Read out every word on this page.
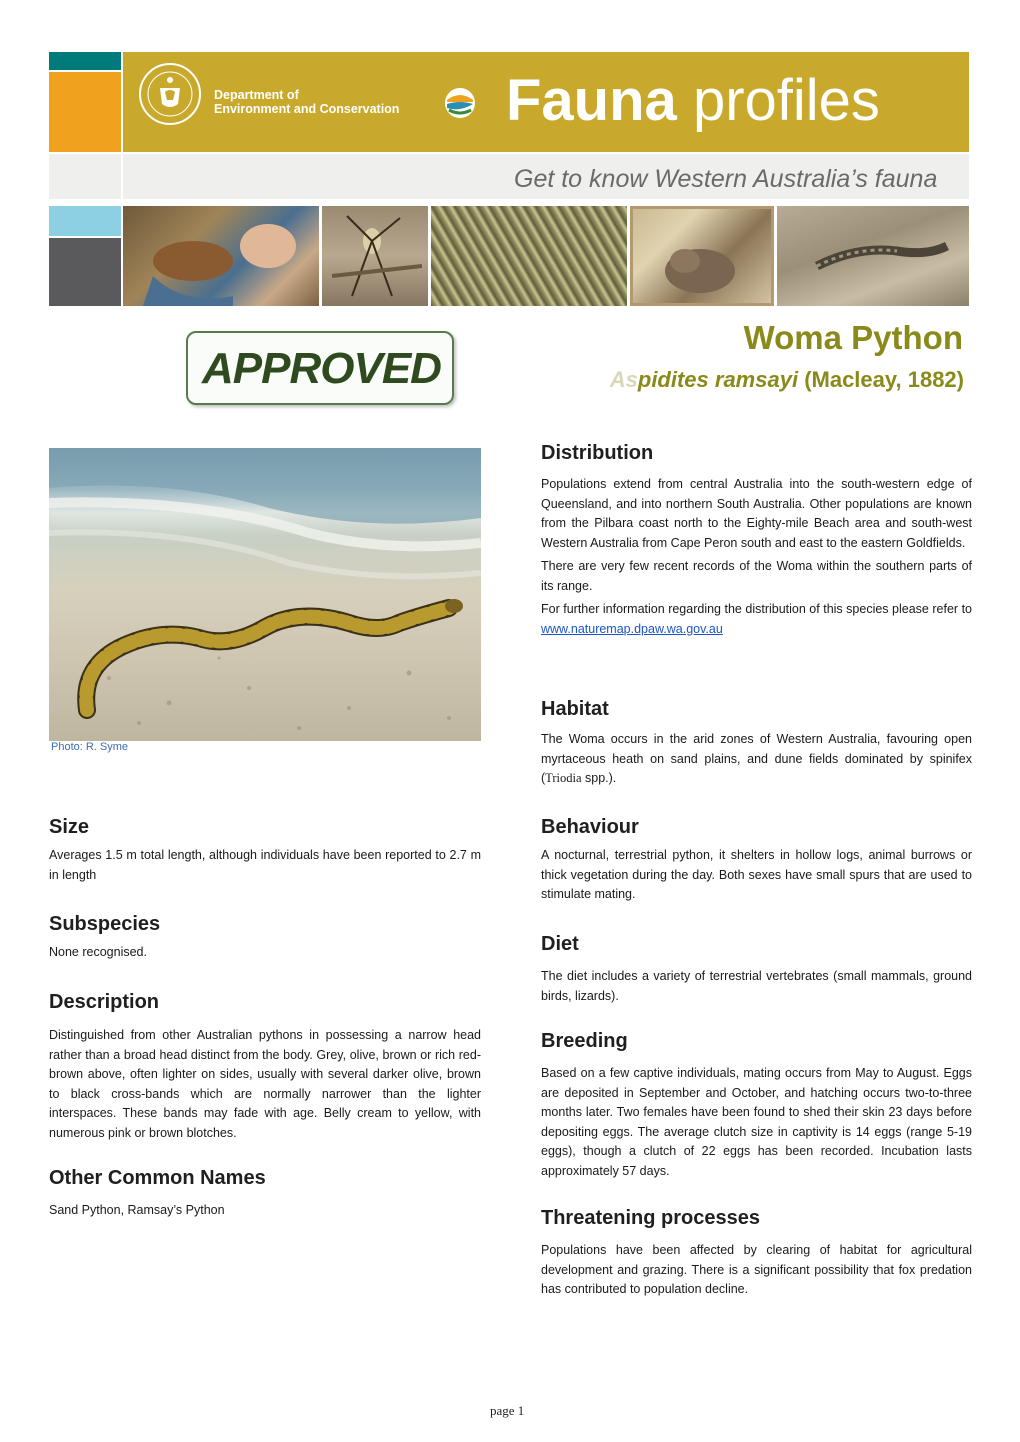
Department of
Environment and Conservation Fauna profiles
Get to know Western Australia’s fauna
Woma Python
Aspidites ramsayi (Macleay, 1882)
APPROVED
Photo: R. Syme
Size

Averages 1.5 m total length, although individuals have been reported to 2.7 m in length

Subspecies

None recognised.

Description

Distinguished from other Australian pythons in possessing a narrow head rather than a broad head distinct from the body. Grey, olive, brown or rich red-brown above, often lighter on sides, usually with several darker olive, brown to black cross-bands which are normally narrower than the lighter interspaces. These bands may fade with age. Belly cream to yellow, with numerous pink or brown blotches.

Other Common Names

Sand Python, Ramsay’s Python

Distribution

Populations extend from central Australia into the south-western edge of Queensland, and into northern South Australia. Other populations are known from the Pilbara coast north to the Eighty-mile Beach area and south-west Western Australia from Cape Peron south and east to the eastern Goldfields.

There are very few recent records of the Woma within the southern parts of its range.

For further information regarding the distribution of this species please refer to www.naturemap.dpaw.wa.gov.au

Habitat

The Woma occurs in the arid zones of Western Australia, favouring open myrtaceous heath on sand plains, and dune fields dominated by spinifex (Triodia spp.).

Behaviour

A nocturnal, terrestrial python, it shelters in hollow logs, animal burrows or thick vegetation during the day. Both sexes have small spurs that are used to stimulate mating.

Diet

The diet includes a variety of terrestrial vertebrates (small mammals, ground birds, lizards).

Breeding

Based on a few captive individuals, mating occurs from May to August. Eggs are deposited in September and October, and hatching occurs two-to-three months later. Two females have been found to shed their skin 23 days before depositing eggs. The average clutch size in captivity is 14 eggs (range 5-19 eggs), though a clutch of 22 eggs has been recorded. Incubation lasts approximately 57 days.

Threatening processes

Populations have been affected by clearing of habitat for agricultural development and grazing. There is a significant possibility that fox predation has contributed to population decline.

page 1
